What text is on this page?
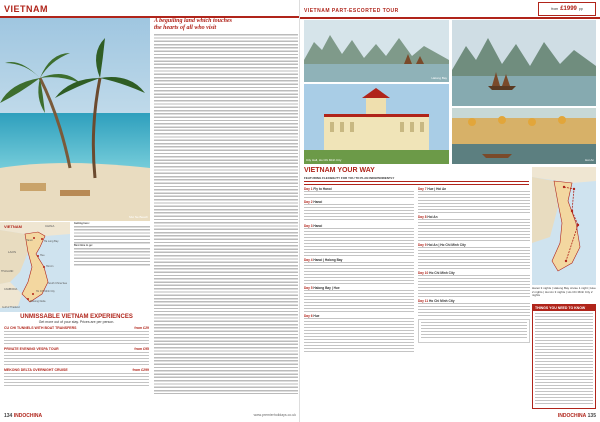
VIETNAM
Mui Ne Beach
A beguiling land which touches
the hearts of all who visit
CHINA
VIETNAM
LAOS
THAILAND
CAMBODIA
Hanoi	Ha Long Bay
Hue
Hoi An
Ho Chi Minh City
Mekong Delta
Gulf of Thailand
South China Sea
Getting here:
Best time to go:
UNMISSABLE VIETNAM EXPERIENCES
Get more out of your stay. Prices are per person.
CU CHI TUNNELS WITH BOAT TRANSFERS	from £29
PRIVATE EVENING VESPA TOUR	from £95
MEKONG DELTA OVERNIGHT CRUISE	from £299
134 INDOCHINA	www.premierholidays.co.uk
VIETNAM PART-ESCORTED TOUR	from £1999 pp
Halong Bay
City Hall, Ho Chi Minh City	Hoi An
VIETNAM YOUR WAY
FEATURING FLEXIBILITY FOR YOU TO PLAN INDEPENDENTLY
Day 1 Fly to Hanoi
Day 2 Hanoi
Day 3 Hanoi
Day 4 Hanoi | Halong Bay
Day 5 Halong Bay | Hue
Day 6 Hue
Day 7 Hue | Hoi An
Day 8 Hoi An
Day 9 Hoi An | Ho Chi Minh City
Day 10 Ho Chi Minh City
Day 11 Ho Chi Minh City
Hanoi 3 nights | Halong Bay cruise 1 night | Hue 2 nights | Hoi An 3 nights | Ho Chi Minh City 2 nights
THINGS YOU NEED TO KNOW
INDOCHINA 135
